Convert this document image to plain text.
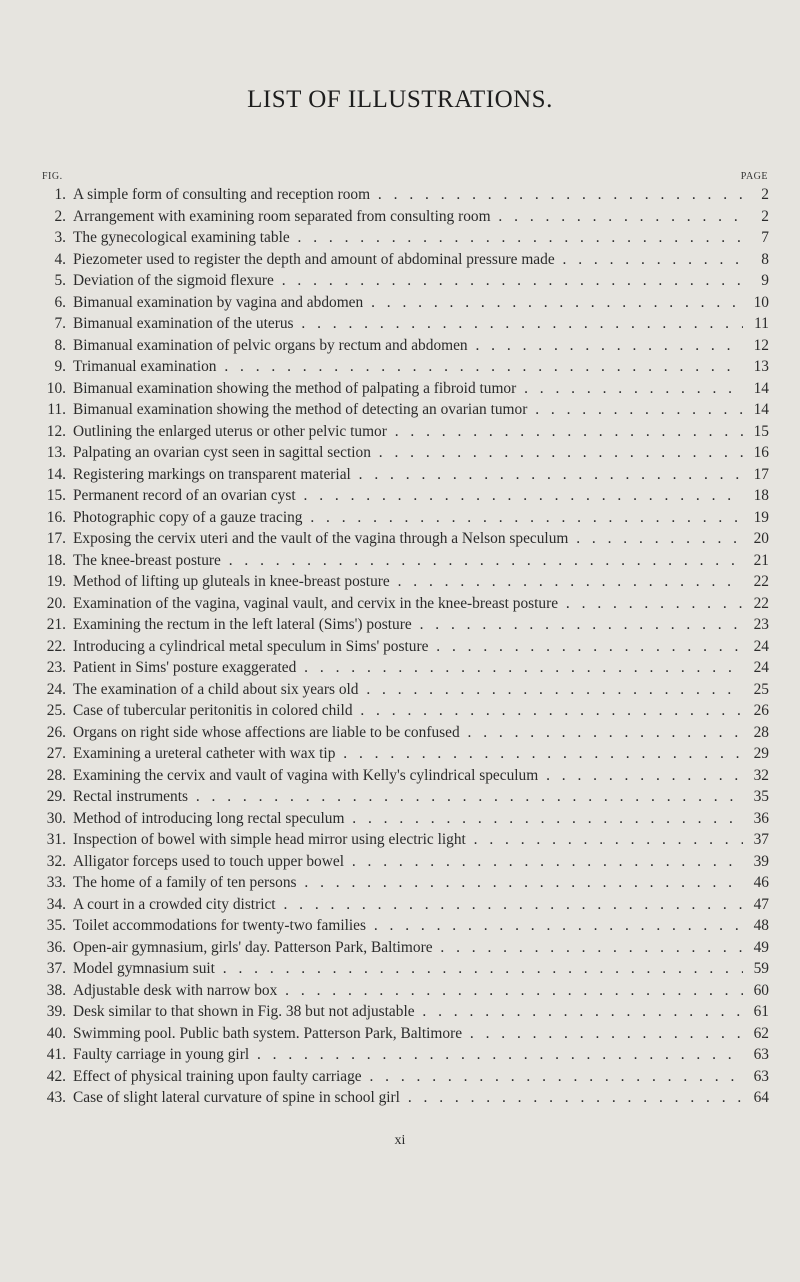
LIST OF ILLUSTRATIONS.
FIG.	PAGE
1. A simple form of consulting and reception room . . .	2
2. Arrangement with examining room separated from consulting room . . .	2
3. The gynecological examining table . . .	7
4. Piezometer used to register the depth and amount of abdominal pressure made . . .	8
5. Deviation of the sigmoid flexure . . .	9
6. Bimanual examination by vagina and abdomen . . .	10
7. Bimanual examination of the uterus . . .	11
8. Bimanual examination of pelvic organs by rectum and abdomen . . .	12
9. Trimanual examination . . .	13
10. Bimanual examination showing the method of palpating a fibroid tumor . . .	14
11. Bimanual examination showing the method of detecting an ovarian tumor . . .	14
12. Outlining the enlarged uterus or other pelvic tumor . . .	15
13. Palpating an ovarian cyst seen in sagittal section . . .	16
14. Registering markings on transparent material . . .	17
15. Permanent record of an ovarian cyst . . .	18
16. Photographic copy of a gauze tracing . . .	19
17. Exposing the cervix uteri and the vault of the vagina through a Nelson speculum . . .	20
18. The knee-breast posture . . .	21
19. Method of lifting up gluteals in knee-breast posture . . .	22
20. Examination of the vagina, vaginal vault, and cervix in the knee-breast posture . . .	22
21. Examining the rectum in the left lateral (Sims') posture . . .	23
22. Introducing a cylindrical metal speculum in Sims' posture . . .	24
23. Patient in Sims' posture exaggerated . . .	24
24. The examination of a child about six years old . . .	25
25. Case of tubercular peritonitis in colored child . . .	26
26. Organs on right side whose affections are liable to be confused . . .	28
27. Examining a ureteral catheter with wax tip . . .	29
28. Examining the cervix and vault of vagina with Kelly's cylindrical speculum . . .	32
29. Rectal instruments . . .	35
30. Method of introducing long rectal speculum . . .	36
31. Inspection of bowel with simple head mirror using electric light . . .	37
32. Alligator forceps used to touch upper bowel . . .	39
33. The home of a family of ten persons . . .	46
34. A court in a crowded city district . . .	47
35. Toilet accommodations for twenty-two families . . .	48
36. Open-air gymnasium, girls' day. Patterson Park, Baltimore . . .	49
37. Model gymnasium suit . . .	59
38. Adjustable desk with narrow box . . .	60
39. Desk similar to that shown in Fig. 38 but not adjustable . . .	61
40. Swimming pool. Public bath system. Patterson Park, Baltimore . . .	62
41. Faulty carriage in young girl . . .	63
42. Effect of physical training upon faulty carriage . . .	63
43. Case of slight lateral curvature of spine in school girl . . .	64
xi
